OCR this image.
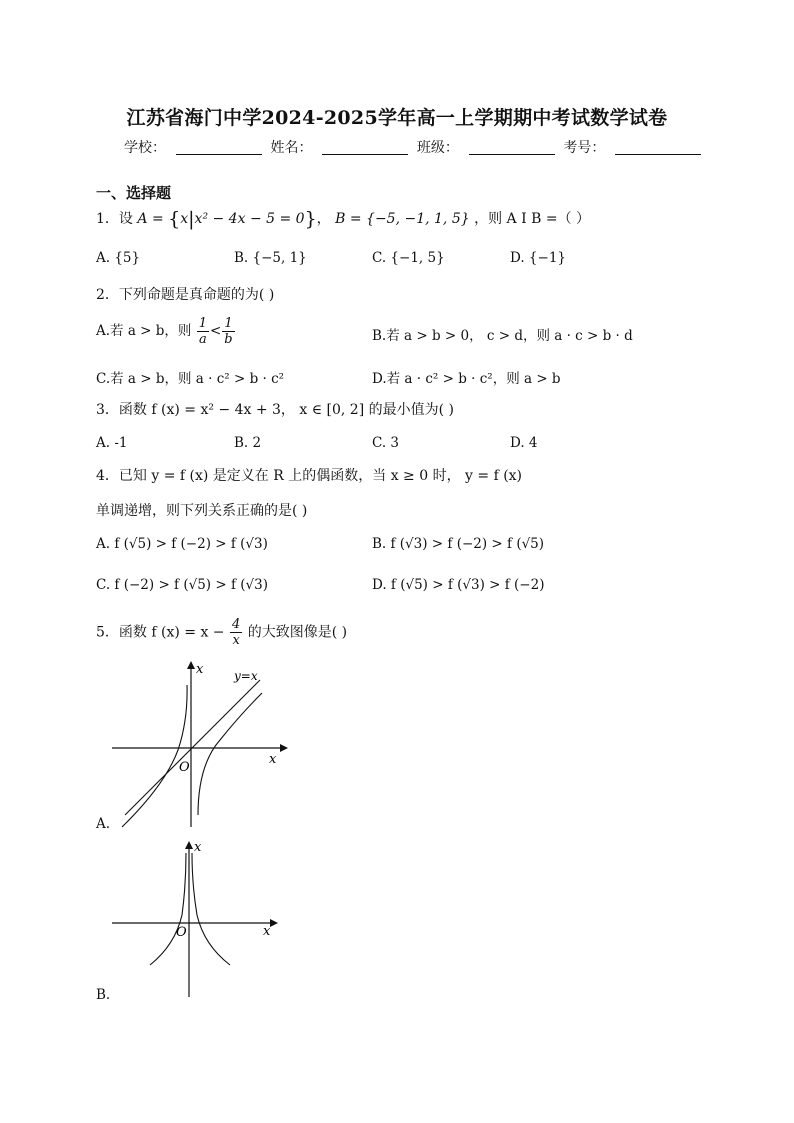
江苏省海门中学2024-2025学年高一上学期期中考试数学试卷
学校：	姓名：	班级：	考号：
一、选择题
1．设 A = {x|x² − 4x − 5 = 0}， B = {−5, −1, 1, 5} ，则 A I B =（ ）
A. {5}	B. {−5, 1}	C. {−1, 5}	D. {−1}
2．下列命题是真命题的为( )
A.若 a > b，则 $\frac{1}{a} < \frac{1}{b}$	B.若 a > b > 0， c > d，则 a · c > b · d
C.若 a > b，则 a · c² > b · c²	D.若 a · c² > b · c²，则 a > b
3．函数 f (x) = x² − 4x + 3， x ∈ [0, 2] 的最小值为( )
A. -1	B. 2	C. 3	D. 4
4．已知 y = f (x) 是定义在 R 上的偶函数，当 x ≥ 0 时， y = f (x)
单调递增，则下列关系正确的是( )
A. f (√5) > f (−2) > f (√3)	B. f (√3) > f (−2) > f (√5)
C. f (−2) > f (√5) > f (√3)	D. f (√5) > f (√3) > f (−2)
5．函数 f $(x) = x - \frac{4}{x}$ 的大致图像是( )
x
x
O
y=x
A.
x
x
O
B.
